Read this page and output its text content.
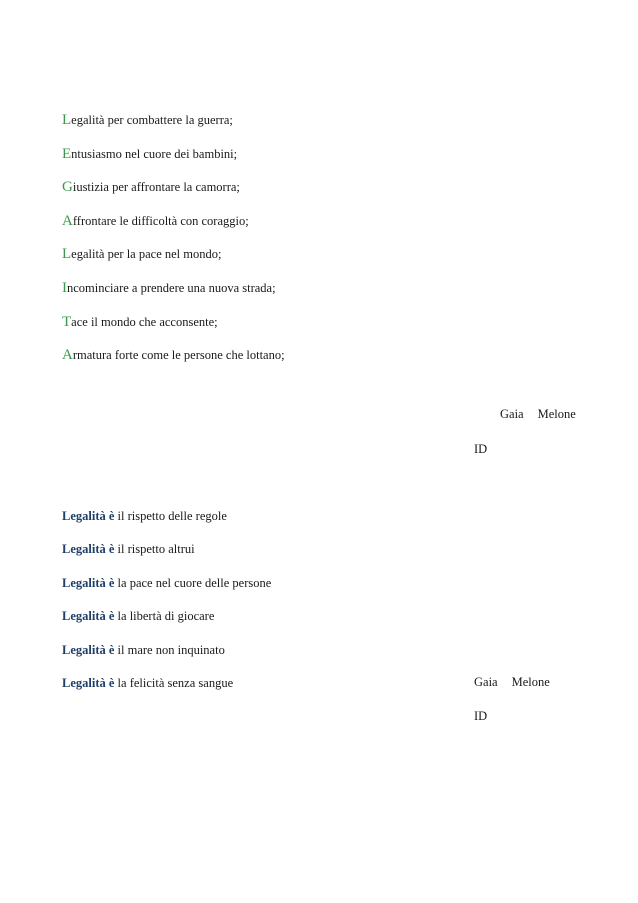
Legalità per combattere la guerra;
Entusiasmo nel cuore dei bambini;
Giustizia per affrontare la camorra;
Affrontare le difficoltà con coraggio;
Legalità per la pace nel mondo;
Incominciare a prendere una nuova strada;
Tace il mondo che acconsente;
Armatura forte come le persone che lottano;
Gaia Melone
ID
Legalità è il rispetto delle regole
Legalità è il rispetto altrui
Legalità è la pace nel cuore delle persone
Legalità è la libertà di giocare
Legalità è il mare non inquinato
Legalità è la felicità senza sangue	Gaia Melone
ID
